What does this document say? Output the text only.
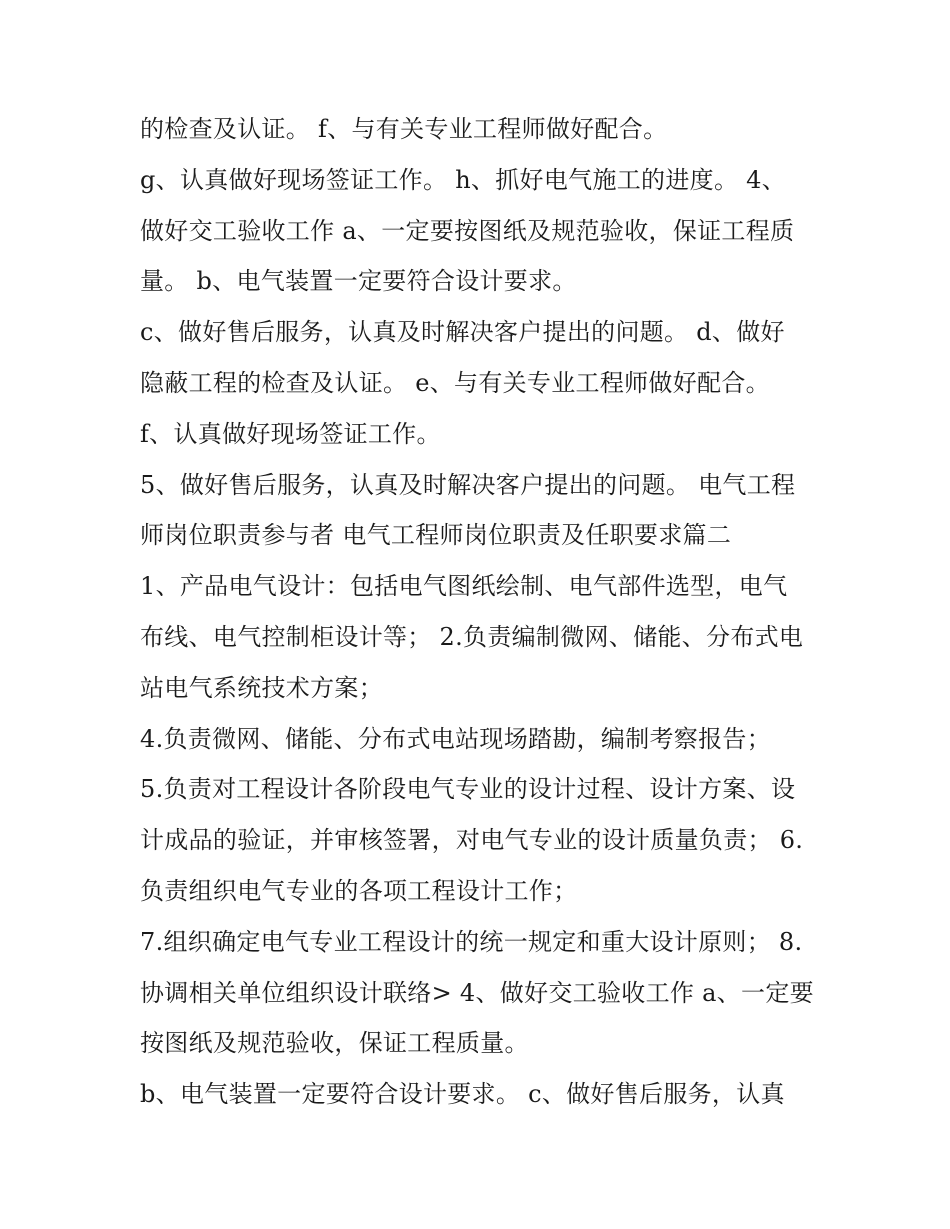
的检查及认证。 f、与有关专业工程师做好配合。
g、认真做好现场签证工作。 h、抓好电气施工的进度。 4、
做好交工验收工作 a、一定要按图纸及规范验收，保证工程质
量。 b、电气装置一定要符合设计要求。
c、做好售后服务，认真及时解决客户提出的问题。 d、做好
隐蔽工程的检查及认证。 e、与有关专业工程师做好配合。
f、认真做好现场签证工作。
5、做好售后服务，认真及时解决客户提出的问题。 电气工程
师岗位职责参与者 电气工程师岗位职责及任职要求篇二
1、产品电气设计：包括电气图纸绘制、电气部件选型，电气
布线、电气控制柜设计等； 2.负责编制微网、储能、分布式电
站电气系统技术方案；
4.负责微网、储能、分布式电站现场踏勘，编制考察报告；
5.负责对工程设计各阶段电气专业的设计过程、设计方案、设
计成品的验证，并审核签署，对电气专业的设计质量负责； 6.
负责组织电气专业的各项工程设计工作；
7.组织确定电气专业工程设计的统一规定和重大设计原则； 8.
协调相关单位组织设计联络> 4、做好交工验收工作 a、一定要
按图纸及规范验收，保证工程质量。
b、电气装置一定要符合设计要求。 c、做好售后服务，认真
